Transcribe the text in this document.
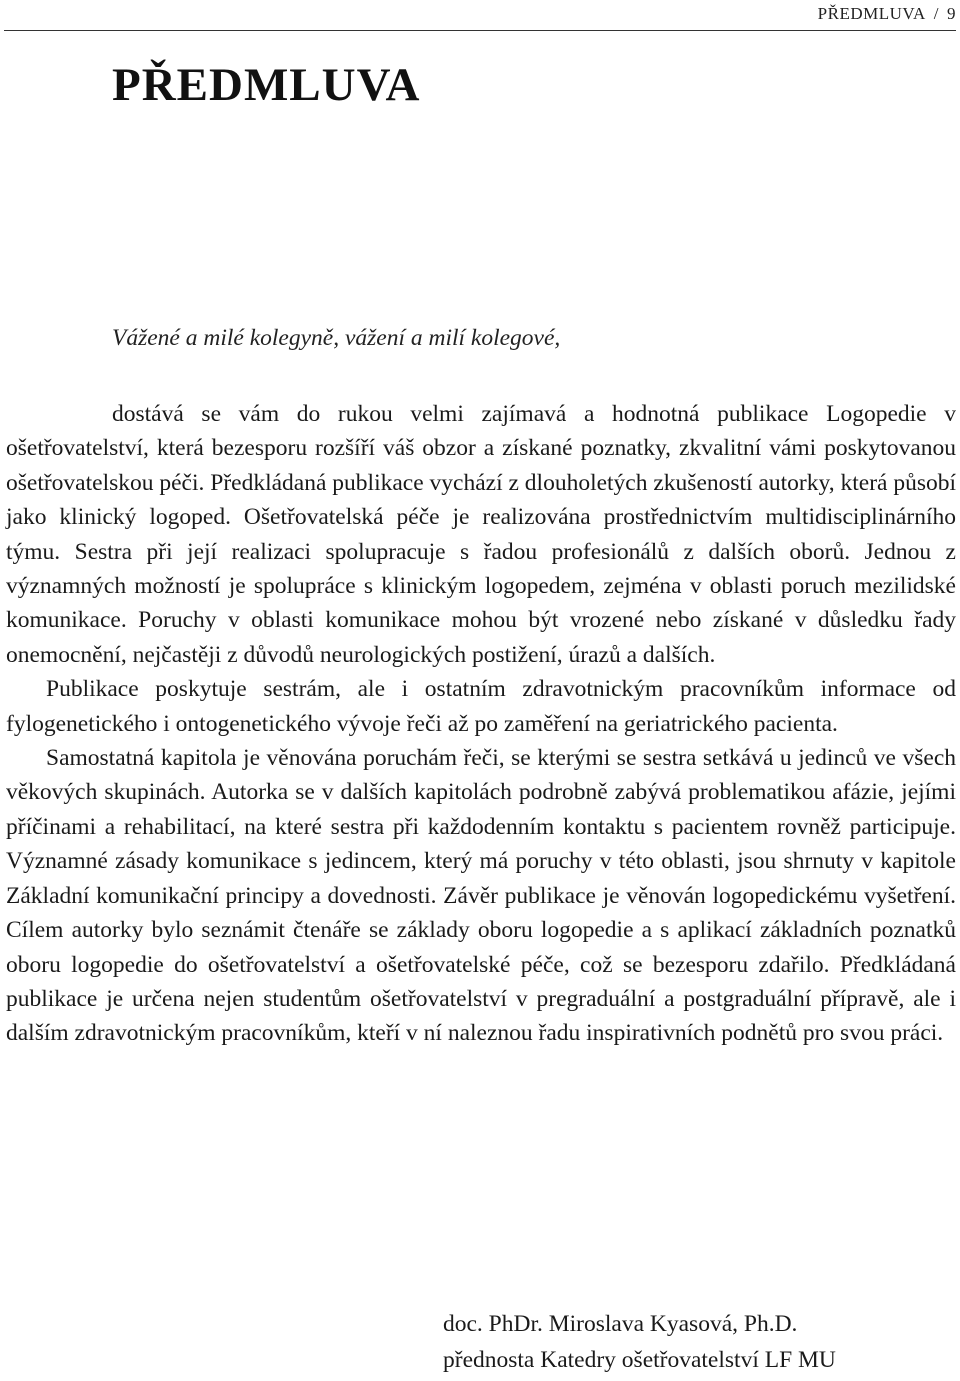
PŘEDMLUVA / 9
PŘEDMLUVA

Vážené a milé kolegyně, vážení a milí kolegové,

dostává se vám do rukou velmi zajímavá a hodnotná publikace Logopedie v ošetřovatelství, která bezesporu rozšíří váš obzor a získané poznatky, zkvalitní vámi poskytovanou ošetřovatelskou péči. Předkládaná publikace vychází z dlouholetých zkušeností autorky, která působí jako klinický logoped. Ošetřovatelská péče je realizována prostřednictvím multidisciplinárního týmu. Sestra při její realizaci spolupracuje s řadou profesionálů z dalších oborů. Jednou z významných možností je spolupráce s klinickým logopedem, zejména v oblasti poruch mezilidské komunikace. Poruchy v oblasti komunikace mohou být vrozené nebo získané v důsledku řady onemocnění, nejčastěji z důvodů neurologických postižení, úrazů a dalších.

Publikace poskytuje sestrám, ale i ostatním zdravotnickým pracovníkům informace od fylogenetického i ontogenetického vývoje řeči až po zaměření na geriatrického pacienta.

Samostatná kapitola je věnována poruchám řeči, se kterými se sestra setkává u jedinců ve všech věkových skupinách. Autorka se v dalších kapitolách podrobně zabývá problematikou afázie, jejími příčinami a rehabilitací, na které sestra při každodenním kontaktu s pacientem rovněž participuje. Významné zásady komunikace s jedincem, který má poruchy v této oblasti, jsou shrnuty v kapitole Základní komunikační principy a dovednosti. Závěr publikace je věnován logopedickému vyšetření. Cílem autorky bylo seznámit čtenáře se základy oboru logopedie a s aplikací základních poznatků oboru logopedie do ošetřovatelství a ošetřovatelské péče, což se bezesporu zdařilo. Předkládaná publikace je určena nejen studentům ošetřovatelství v pregraduální a postgraduální přípravě, ale i dalším zdravotnickým pracovníkům, kteří v ní naleznou řadu inspirativních podnětů pro svou práci.

doc. PhDr. Miroslava Kyasová, Ph.D.
přednosta Katedry ošetřovatelství LF MU
